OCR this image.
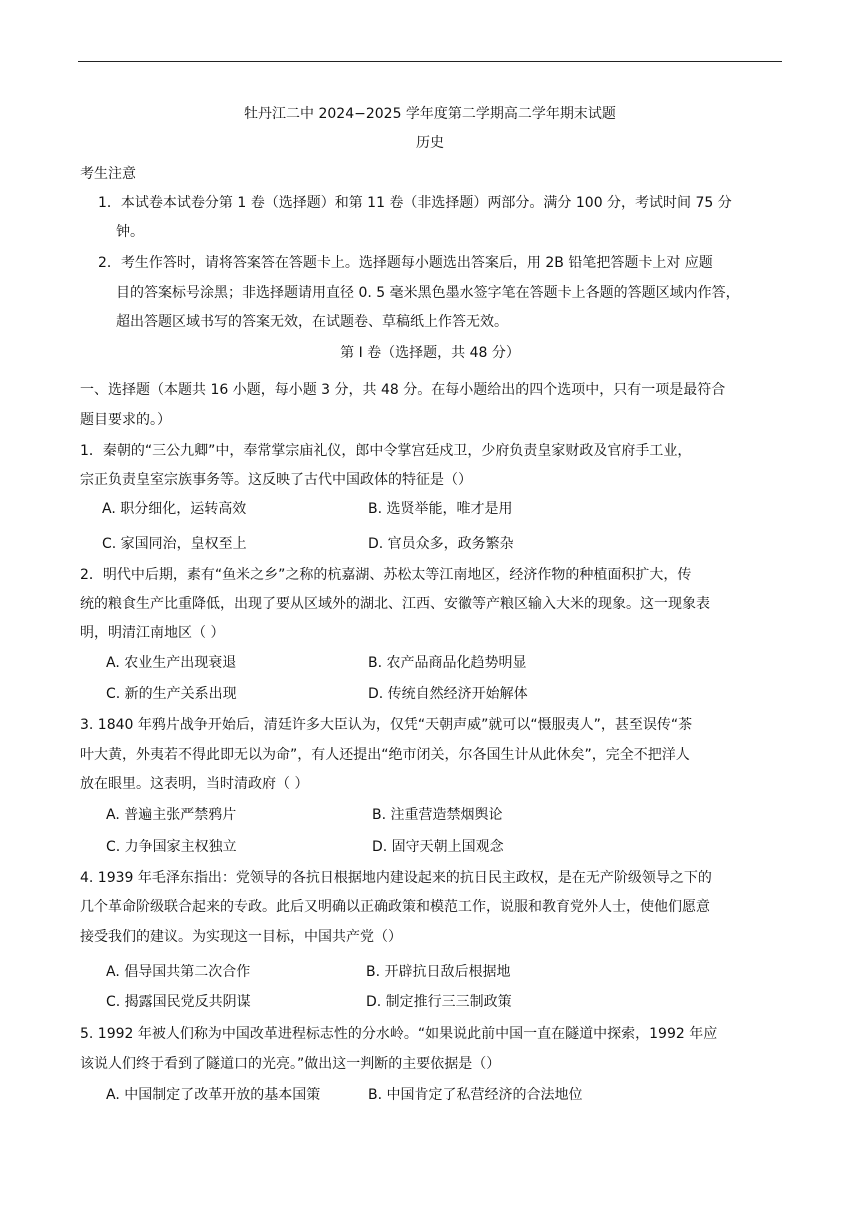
牡丹江二中 2024−2025 学年度第二学期高二学年期末试题
历史
考生注意
1．本试卷本试卷分第 1 卷（选择题）和第 11 卷（非选择题）两部分。满分 100 分，考试时间 75 分
钟。
2．考生作答时，请将答案答在答题卡上。选择题每小题选出答案后，用 2B 铅笔把答题卡上对 应题
目的答案标号涂黑；非选择题请用直径 0. 5 毫米黑色墨水签字笔在答题卡上各题的答题区域内作答，
超出答题区域书写的答案无效，在试题卷、草稿纸上作答无效。
第 I 卷（选择题，共 48 分）
一、选择题（本题共 16 小题，每小题 3 分，共 48 分。在每小题给出的四个选项中，只有一项是最符合
题目要求的。）
1．秦朝的“三公九卿”中，奉常掌宗庙礼仪，郎中令掌宫廷戍卫，少府负责皇家财政及官府手工业，
宗正负责皇室宗族事务等。这反映了古代中国政体的特征是（）
A. 职分细化，运转高效	B. 选贤举能，唯才是用
C. 家国同治，皇权至上	D. 官员众多，政务繁杂
2．明代中后期，素有“鱼米之乡”之称的杭嘉湖、苏松太等江南地区，经济作物的种植面积扩大，传
统的粮食生产比重降低，出现了要从区域外的湖北、江西、安徽等产粮区输入大米的现象。这一现象表
明，明清江南地区（ ）
A. 农业生产出现衰退	B. 农产品商品化趋势明显
C. 新的生产关系出现	D. 传统自然经济开始解体
3. 1840 年鸦片战争开始后，清廷许多大臣认为，仅凭“天朝声威”就可以“慑服夷人”，甚至误传“茶
叶大黄，外夷若不得此即无以为命”，有人还提出“绝市闭关，尔各国生计从此休矣”，完全不把洋人
放在眼里。这表明，当时清政府（ ）
A. 普遍主张严禁鸦片	B. 注重营造禁烟舆论
C. 力争国家主权独立	D. 固守天朝上国观念
4. 1939 年毛泽东指出：党领导的各抗日根据地内建设起来的抗日民主政权，是在无产阶级领导之下的
几个革命阶级联合起来的专政。此后又明确以正确政策和模范工作，说服和教育党外人士，使他们愿意
接受我们的建议。为实现这一目标，中国共产党（）
A. 倡导国共第二次合作	B. 开辟抗日敌后根据地
C. 揭露国民党反共阴谋	D. 制定推行三三制政策
5. 1992 年被人们称为中国改革进程标志性的分水岭。“如果说此前中国一直在隧道中探索，1992 年应
该说人们终于看到了隧道口的光亮。”做出这一判断的主要依据是（）
A. 中国制定了改革开放的基本国策	B. 中国肯定了私营经济的合法地位
